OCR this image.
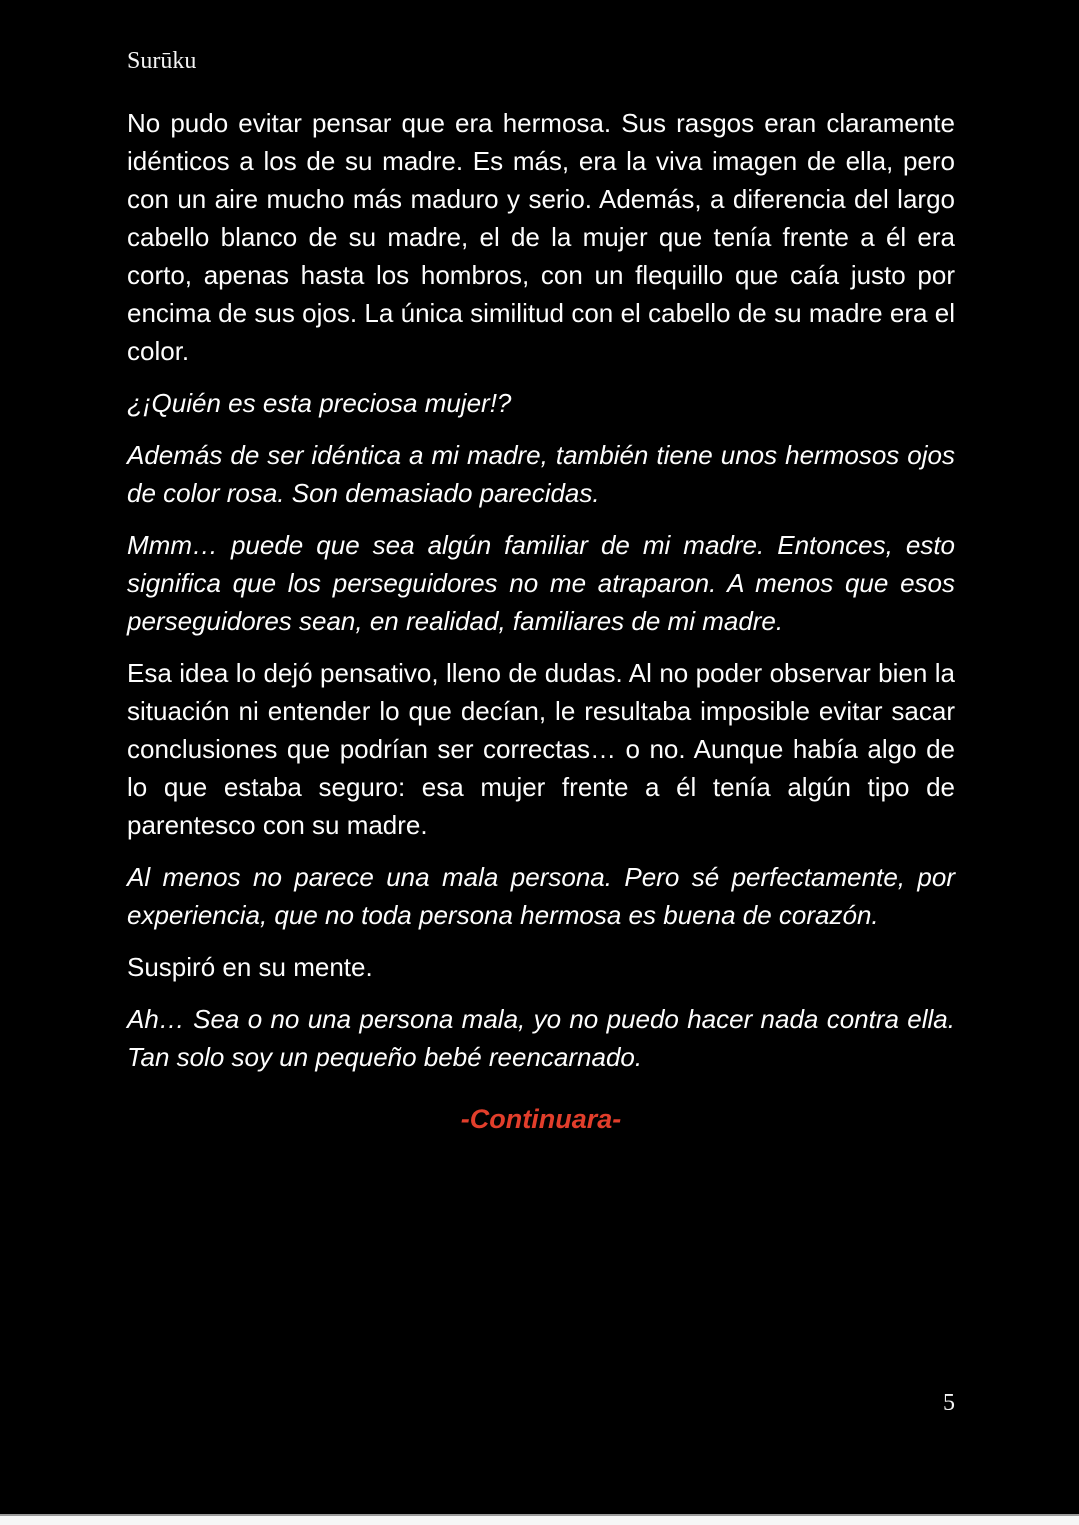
Surūku

No pudo evitar pensar que era hermosa. Sus rasgos eran claramente idénticos a los de su madre. Es más, era la viva imagen de ella, pero con un aire mucho más maduro y serio. Además, a diferencia del largo cabello blanco de su madre, el de la mujer que tenía frente a él era corto, apenas hasta los hombros, con un flequillo que caía justo por encima de sus ojos. La única similitud con el cabello de su madre era el color.

¿¡Quién es esta preciosa mujer!?

Además de ser idéntica a mi madre, también tiene unos hermosos ojos de color rosa. Son demasiado parecidas.

Mmm… puede que sea algún familiar de mi madre. Entonces, esto significa que los perseguidores no me atraparon. A menos que esos perseguidores sean, en realidad, familiares de mi madre.

Esa idea lo dejó pensativo, lleno de dudas. Al no poder observar bien la situación ni entender lo que decían, le resultaba imposible evitar sacar conclusiones que podrían ser correctas… o no. Aunque había algo de lo que estaba seguro: esa mujer frente a él tenía algún tipo de parentesco con su madre.

Al menos no parece una mala persona. Pero sé perfectamente, por experiencia, que no toda persona hermosa es buena de corazón.

Suspiró en su mente.

Ah… Sea o no una persona mala, yo no puedo hacer nada contra ella. Tan solo soy un pequeño bebé reencarnado.

-Continuara-

5
